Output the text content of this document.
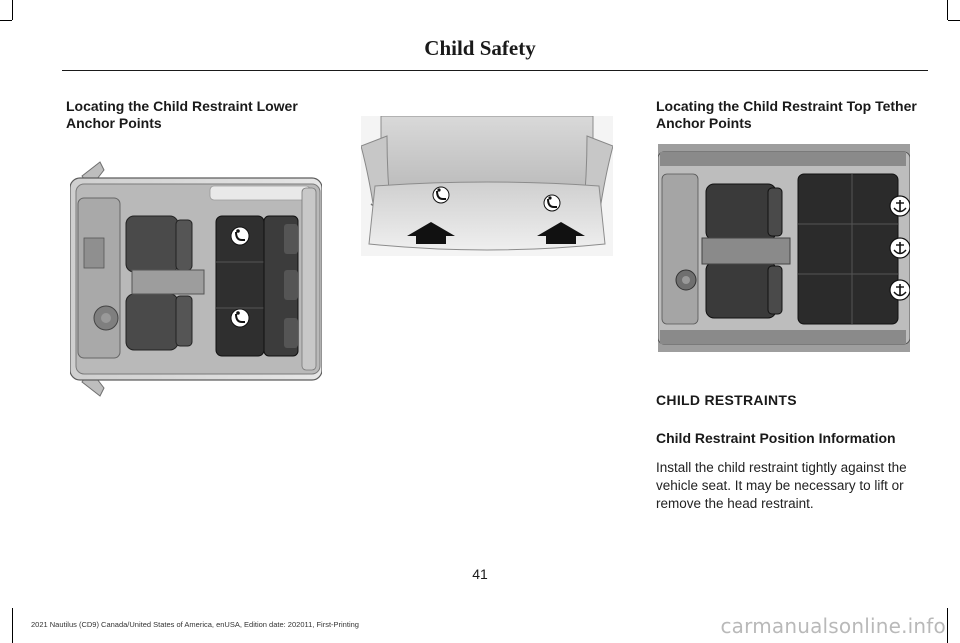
Child Safety
Locating the Child Restraint Lower
Anchor Points
Locating the Child Restraint Top Tether
Anchor Points
CHILD RESTRAINTS
Child Restraint Position Information
Install the child restraint tightly against the
vehicle seat. It may be necessary to lift or
remove the head restraint.
41
2021 Nautilus (CD9) Canada/United States of America, enUSA, Edition date: 202011, First-Printing	carmanualsonline.info
